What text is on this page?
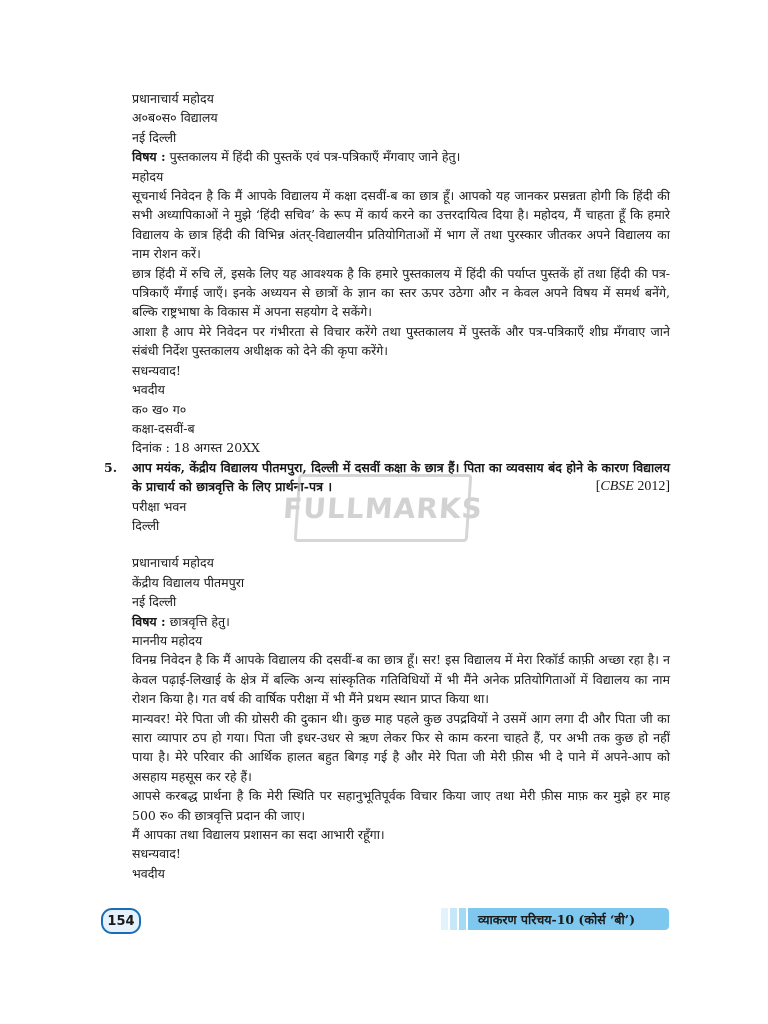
प्रधानाचार्य महोदय
अ०ब०स० विद्यालय
नई दिल्ली
विषय : पुस्तकालय में हिंदी की पुस्तकें एवं पत्र-पत्रिकाएँ मँगवाए जाने हेतु।
महोदय
सूचनार्थ निवेदन है कि मैं आपके विद्यालय में कक्षा दसवीं-ब का छात्र हूँ। आपको यह जानकर प्रसन्नता होगी कि हिंदी की सभी अध्यापिकाओं ने मुझे ‘हिंदी सचिव’ के रूप में कार्य करने का उत्तरदायित्व दिया है। महोदय, मैं चाहता हूँ कि हमारे विद्यालय के छात्र हिंदी की विभिन्न अंतर्-विद्यालयीन प्रतियोगिताओं में भाग लें तथा पुरस्कार जीतकर अपने विद्यालय का नाम रोशन करें।
छात्र हिंदी में रुचि लें, इसके लिए यह आवश्यक है कि हमारे पुस्तकालय में हिंदी की पर्याप्त पुस्तकें हों तथा हिंदी की पत्र-पत्रिकाएँ मँगाई जाएँ। इनके अध्ययन से छात्रों के ज्ञान का स्तर ऊपर उठेगा और न केवल अपने विषय में समर्थ बनेंगे, बल्कि राष्ट्रभाषा के विकास में अपना सहयोग दे सकेंगे।
आशा है आप मेरे निवेदन पर गंभीरता से विचार करेंगे तथा पुस्तकालय में पुस्तकें और पत्र-पत्रिकाएँ शीघ्र मँगवाए जाने संबंधी निर्देश पुस्तकालय अधीक्षक को देने की कृपा करेंगे।
सधन्यवाद!
भवदीय
क० ख० ग०
कक्षा-दसवीं-ब
दिनांक : 18 अगस्त 20XX
5. आप मयंक, केंद्रीय विद्यालय पीतमपुरा, दिल्ली में दसवीं कक्षा के छात्र हैं। पिता का व्यवसाय बंद होने के कारण विद्यालय के प्राचार्य को छात्रवृत्ति के लिए प्रार्थना-पत्र ।	[CBSE 2012]
परीक्षा भवन
दिल्ली
प्रधानाचार्य महोदय
केंद्रीय विद्यालय पीतमपुरा
नई दिल्ली
विषय : छात्रवृत्ति हेतु।
माननीय महोदय
विनम्र निवेदन है कि मैं आपके विद्यालय की दसवीं-ब का छात्र हूँ। सर! इस विद्यालय में मेरा रिकॉर्ड काफ़ी अच्छा रहा है। न केवल पढ़ाई-लिखाई के क्षेत्र में बल्कि अन्य सांस्कृतिक गतिविधियों में भी मैंने अनेक प्रतियोगिताओं में विद्यालय का नाम रोशन किया है। गत वर्ष की वार्षिक परीक्षा में भी मैंने प्रथम स्थान प्राप्त किया था।
मान्यवर! मेरे पिता जी की ग्रोसरी की दुकान थी। कुछ माह पहले कुछ उपद्रवियों ने उसमें आग लगा दी और पिता जी का सारा व्यापार ठप हो गया। पिता जी इधर-उधर से ऋण लेकर फिर से काम करना चाहते हैं, पर अभी तक कुछ हो नहीं पाया है। मेरे परिवार की आर्थिक हालत बहुत बिगड़ गई है और मेरे पिता जी मेरी फ़ीस भी दे पाने में अपने-आप को असहाय महसूस कर रहे हैं।
आपसे करबद्ध प्रार्थना है कि मेरी स्थिति पर सहानुभूतिपूर्वक विचार किया जाए तथा मेरी फ़ीस माफ़ कर मुझे हर माह 500 रु० की छात्रवृत्ति प्रदान की जाए।
मैं आपका तथा विद्यालय प्रशासन का सदा आभारी रहूँगा।
सधन्यवाद!
भवदीय
FULLMARKS
154	व्याकरण परिचय-10 (कोर्स ‘बी’)
